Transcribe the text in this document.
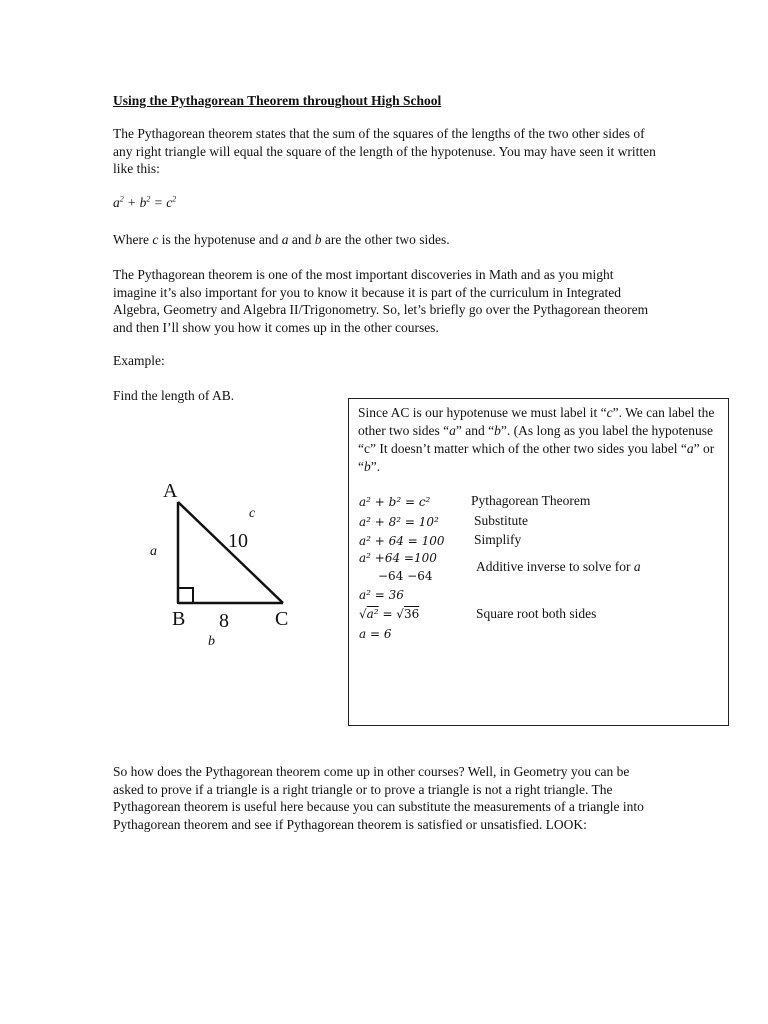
Using the Pythagorean Theorem throughout High School
The Pythagorean theorem states that the sum of the squares of the lengths of the two other sides of any right triangle will equal the square of the length of the hypotenuse. You may have seen it written like this:
$a^2 + b^2 = c^2$
Where c is the hypotenuse and a and b are the other two sides.
The Pythagorean theorem is one of the most important discoveries in Math and as you might imagine it’s also important for you to know it because it is part of the curriculum in Integrated Algebra, Geometry and Algebra II/Trigonometry. So, let’s briefly go over the Pythagorean theorem and then I’ll show you how it comes up in the other courses.
Example:
Find the length of AB.
A
B	C
a
b
c
10
8
Since AC is our hypotenuse we must label it “c”. We can label the other two sides “a” and “b”. (As long as you label the hypotenuse “c” It doesn’t matter which of the other two sides you label “a” or “b”.
a² + b² = c²
a² + 8² = 10²
a² + 64 = 100
a² +64 =100
−64 −64
a² = 36
√a² = √36
a = 6
Pythagorean Theorem
Substitute
Simplify
Additive inverse to solve for a
Square root both sides
So how does the Pythagorean theorem come up in other courses? Well, in Geometry you can be asked to prove if a triangle is a right triangle or to prove a triangle is not a right triangle. The Pythagorean theorem is useful here because you can substitute the measurements of a triangle into Pythagorean theorem and see if Pythagorean theorem is satisfied or unsatisfied. LOOK:
